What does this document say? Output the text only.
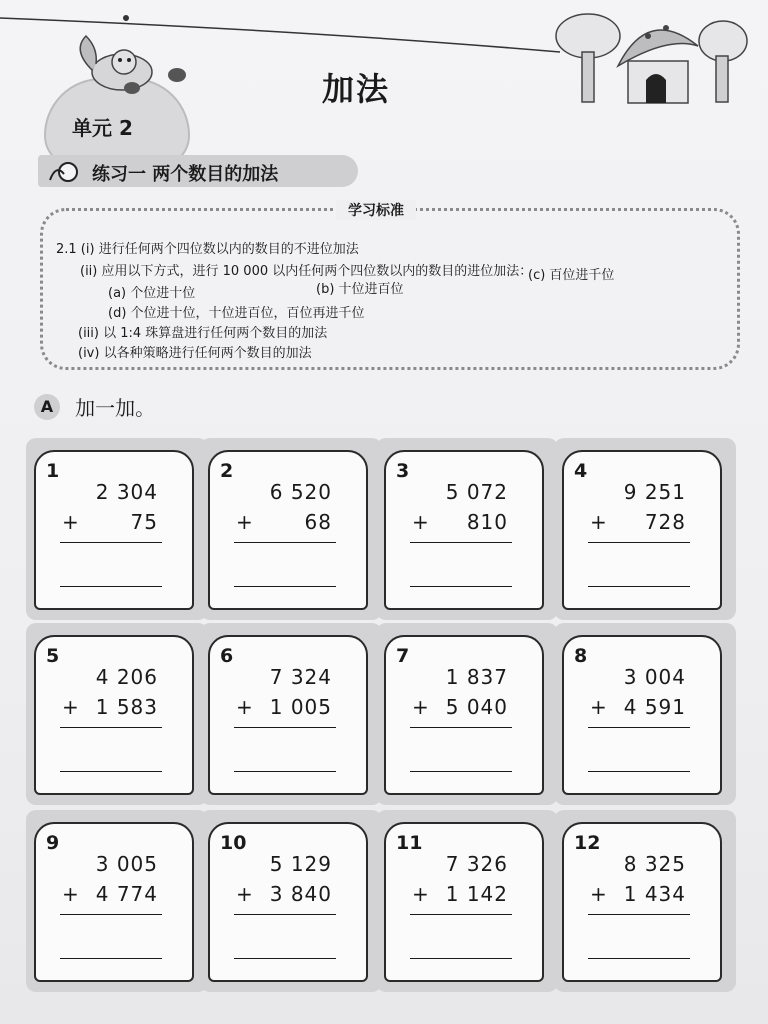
单元 2
加法
练习一 两个数目的加法
学习标准
2.1 (i) 进行任何两个四位数以内的数目的不进位加法
(ii) 应用以下方式，进行 10 000 以内任何两个四位数以内的数目的进位加法：
(a) 个位进十位	(b) 十位进百位
(c) 百位进千位
(d) 个位进十位，十位进百位，百位再进千位
(iii) 以 1:4 珠算盘进行任何两个数目的加法
(iv) 以各种策略进行任何两个数目的加法
A 加一加。
1
2 304
+	75
2
6 520
+	68
3
5 072
+ 810
4
9 251
+ 728
5
4 206
+ 1 583
6
7 324
+ 1 005
7
1 837
+ 5 040
8
3 004
+ 4 591
9
3 005
+ 4 774
10
5 129
+ 3 840
11
7 326
+ 1 142
12
8 325
+ 1 434
